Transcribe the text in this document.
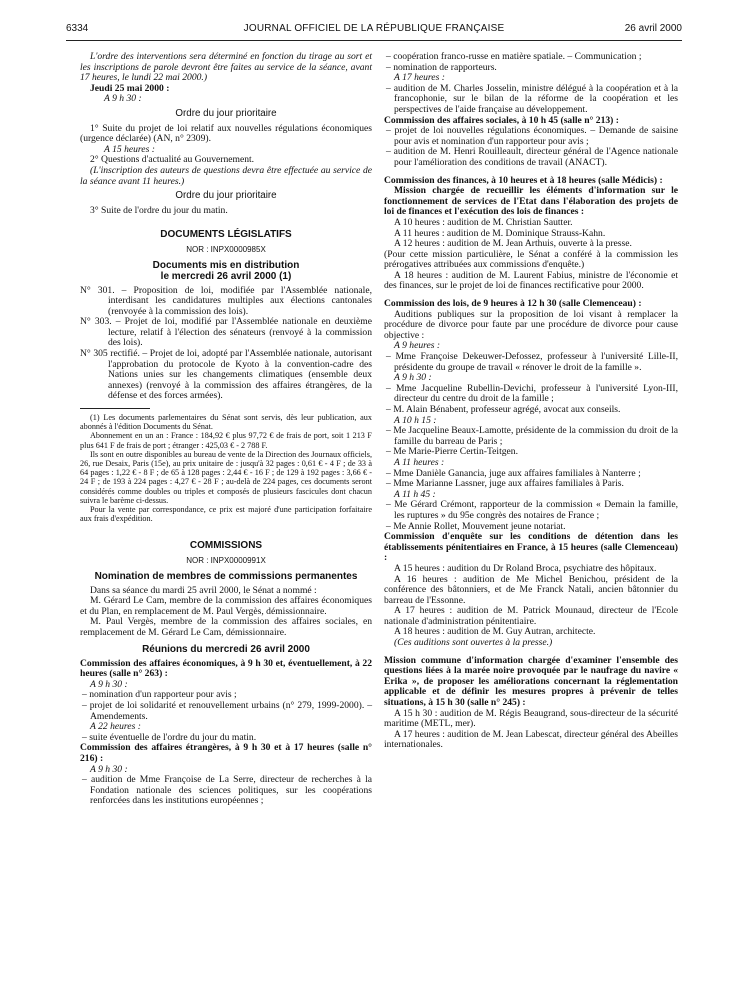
6334	JOURNAL OFFICIEL DE LA RÉPUBLIQUE FRANÇAISE	26 avril 2000

L'ordre des interventions sera déterminé en fonction du tirage au sort et les inscriptions de parole devront être faites au service de la séance, avant 17 heures, le lundi 22 mai 2000.)

Jeudi 25 mai 2000 :

A 9 h 30 :

Ordre du jour prioritaire

1° Suite du projet de loi relatif aux nouvelles régulations économiques (urgence déclarée) (AN, n° 2309).

A 15 heures :

2° Questions d'actualité au Gouvernement.

(L'inscription des auteurs de questions devra être effectuée au service de la séance avant 11 heures.)

Ordre du jour prioritaire

3° Suite de l'ordre du jour du matin.

DOCUMENTS LÉGISLATIFS
NOR : INPX0000985X
Documents mis en distribution
le mercredi 26 avril 2000 (1)

N° 301. – Proposition de loi, modifiée par l'Assemblée nationale, interdisant les candidatures multiples aux élections cantonales (renvoyée à la commission des lois).

N° 303. – Projet de loi, modifié par l'Assemblée nationale en deuxième lecture, relatif à l'élection des sénateurs (renvoyé à la commission des lois).

N° 305 rectifié. – Projet de loi, adopté par l'Assemblée nationale, autorisant l'approbation du protocole de Kyoto à la convention-cadre des Nations unies sur les changements climatiques (ensemble deux annexes) (renvoyé à la commission des affaires étrangères, de la défense et des forces armées).

(1) Les documents parlementaires du Sénat sont servis, dès leur publication, aux abonnés à l'édition Documents du Sénat.

Abonnement en un an : France : 184,92 € plus 97,72 € de frais de port, soit 1 213 F plus 641 F de frais de port ; étranger : 425,03 € - 2 788 F.

Ils sont en outre disponibles au bureau de vente de la Direction des Journaux officiels, 26, rue Desaix, Paris (15e), au prix unitaire de : jusqu'à 32 pages : 0,61 € - 4 F ; de 33 à 64 pages : 1,22 € - 8 F ; de 65 à 128 pages : 2,44 € - 16 F ; de 129 à 192 pages : 3,66 € - 24 F ; de 193 à 224 pages : 4,27 € - 28 F ; au-delà de 224 pages, ces documents seront considérés comme doubles ou triples et composés de plusieurs fascicules dont chacun suivra le barème ci-dessus.

Pour la vente par correspondance, ce prix est majoré d'une participation forfaitaire aux frais d'expédition.

COMMISSIONS
NOR : INPX0000991X
Nomination de membres de commissions permanentes

Dans sa séance du mardi 25 avril 2000, le Sénat a nommé :

M. Gérard Le Cam, membre de la commission des affaires économiques et du Plan, en remplacement de M. Paul Vergès, démissionnaire.

M. Paul Vergès, membre de la commission des affaires sociales, en remplacement de M. Gérard Le Cam, démissionnaire.

Réunions du mercredi 26 avril 2000

Commission des affaires économiques, à 9 h 30 et, éventuellement, à 22 heures (salle n° 263) :

A 9 h 30 :

– nomination d'un rapporteur pour avis ;

– projet de loi solidarité et renouvellement urbains (n° 279, 1999-2000). – Amendements.

A 22 heures :

– suite éventuelle de l'ordre du jour du matin.

Commission des affaires étrangères, à 9 h 30 et à 17 heures (salle n° 216) :

A 9 h 30 :

– audition de Mme Françoise de La Serre, directeur de recherches à la Fondation nationale des sciences politiques, sur les coopérations renforcées dans les institutions européennes ;

– coopération franco-russe en matière spatiale. – Communication ;

– nomination de rapporteurs.

A 17 heures :

– audition de M. Charles Josselin, ministre délégué à la coopération et à la francophonie, sur le bilan de la réforme de la coopération et les perspectives de l'aide française au développement.

Commission des affaires sociales, à 10 h 45 (salle n° 213) :

– projet de loi nouvelles régulations économiques. – Demande de saisine pour avis et nomination d'un rapporteur pour avis ;

– audition de M. Henri Rouilleault, directeur général de l'Agence nationale pour l'amélioration des conditions de travail (ANACT).

Commission des finances, à 10 heures et à 18 heures (salle Médicis) :

Mission chargée de recueillir les éléments d'information sur le fonctionnement de services de l'Etat dans l'élaboration des projets de loi de finances et l'exécution des lois de finances :

A 10 heures : audition de M. Christian Sautter.

A 11 heures : audition de M. Dominique Strauss-Kahn.

A 12 heures : audition de M. Jean Arthuis, ouverte à la presse.

(Pour cette mission particulière, le Sénat a conféré à la commission les prérogatives attribuées aux commissions d'enquête.)

A 18 heures : audition de M. Laurent Fabius, ministre de l'économie et des finances, sur le projet de loi de finances rectificative pour 2000.

Commission des lois, de 9 heures à 12 h 30 (salle Clemenceau) :

Auditions publiques sur la proposition de loi visant à remplacer la procédure de divorce pour faute par une procédure de divorce pour cause objective :

A 9 heures :

– Mme Françoise Dekeuwer-Defossez, professeur à l'université Lille-II, présidente du groupe de travail « rénover le droit de la famille ».

A 9 h 30 :

– Mme Jacqueline Rubellin-Devichi, professeur à l'université Lyon-III, directeur du centre du droit de la famille ;

– M. Alain Bénabent, professeur agrégé, avocat aux conseils.

A 10 h 15 :

– Me Jacqueline Beaux-Lamotte, présidente de la commission du droit de la famille du barreau de Paris ;

– Me Marie-Pierre Certin-Teitgen.

A 11 heures :

– Mme Danièle Ganancia, juge aux affaires familiales à Nanterre ;

– Mme Marianne Lassner, juge aux affaires familiales à Paris.

A 11 h 45 :

– Me Gérard Crémont, rapporteur de la commission « Demain la famille, les ruptures » du 95e congrès des notaires de France ;

– Me Annie Rollet, Mouvement jeune notariat.

Commission d'enquête sur les conditions de détention dans les établissements pénitentiaires en France, à 15 heures (salle Clemenceau) :

A 15 heures : audition du Dr Roland Broca, psychiatre des hôpitaux.

A 16 heures : audition de Me Michel Benichou, président de la conférence des bâtonniers, et de Me Franck Natali, ancien bâtonnier du barreau de l'Essonne.

A 17 heures : audition de M. Patrick Mounaud, directeur de l'Ecole nationale d'administration pénitentiaire.

A 18 heures : audition de M. Guy Autran, architecte.

(Ces auditions sont ouvertes à la presse.)

Mission commune d'information chargée d'examiner l'ensemble des questions liées à la marée noire provoquée par le naufrage du navire « Erika », de proposer les améliorations concernant la réglementation applicable et de définir les mesures propres à prévenir de telles situations, à 15 h 30 (salle n° 245) :

A 15 h 30 : audition de M. Régis Beaugrand, sous-directeur de la sécurité maritime (METL, mer).

A 17 heures : audition de M. Jean Labescat, directeur général des Abeilles internationales.
